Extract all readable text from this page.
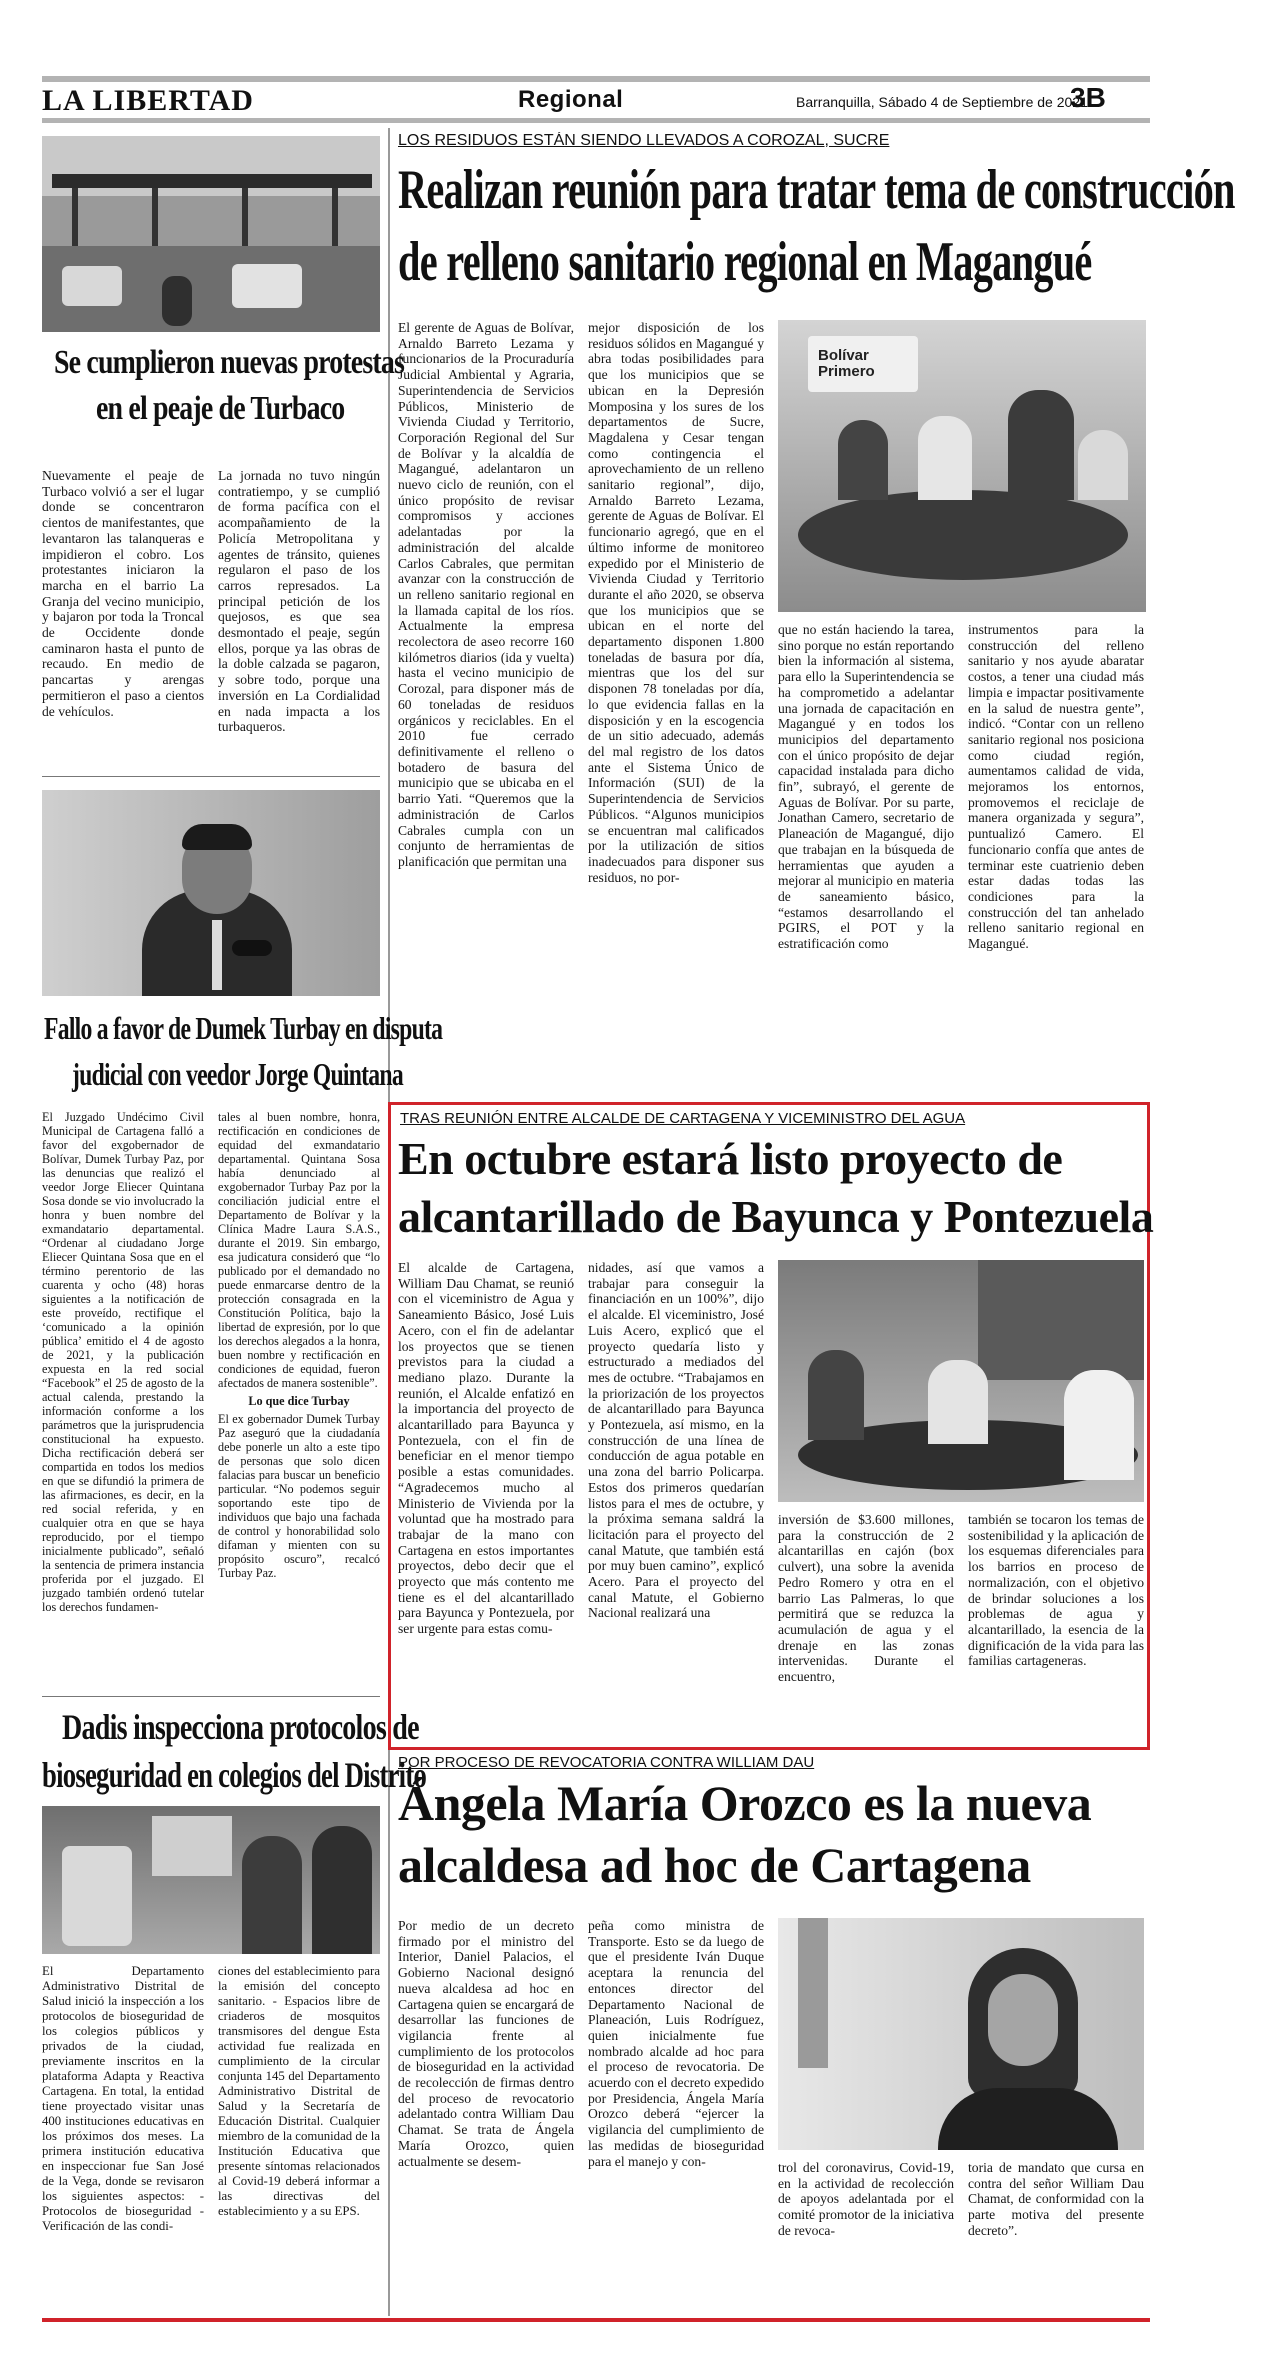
LA LIBERTAD	Regional	Barranquilla, Sábado 4 de Septiembre de 2021
3B
Se cumplieron nuevas protestas
en el peaje de Turbaco
Nuevamente el peaje de Turbaco volvió a ser el lugar donde se concentraron cientos de manifestantes, que levantaron las talanqueras e impidieron el cobro. Los protestantes iniciaron la marcha en el barrio La Granja del vecino municipio, y bajaron por toda la Troncal de Occidente donde caminaron hasta el punto de recaudo. En medio de pancartas y arengas permitieron el paso a cientos de vehículos.
La jornada no tuvo ningún contratiempo, y se cumplió de forma pacífica con el acompañamiento de la Policía Metropolitana y agentes de tránsito, quienes regularon el paso de los carros represados. La principal petición de los quejosos, es que sea desmontado el peaje, según ellos, porque ya las obras de la doble calzada se pagaron, y sobre todo, porque una inversión en La Cordialidad en nada impacta a los turbaqueros.
Fallo a favor de Dumek Turbay en disputa
judicial con veedor Jorge Quintana
El Juzgado Undécimo Civil Municipal de Cartagena falló a favor del exgobernador de Bolívar, Dumek Turbay Paz, por las denuncias que realizó el veedor Jorge Eliecer Quintana Sosa donde se vio involucrado la honra y buen nombre del exmandatario departamental. “Ordenar al ciudadano Jorge Eliecer Quintana Sosa que en el término perentorio de las cuarenta y ocho (48) horas siguientes a la notificación de este proveído, rectifique el ‘comunicado a la opinión pública’ emitido el 4 de agosto de 2021, y la publicación expuesta en la red social “Facebook” el 25 de agosto de la actual calenda, prestando la información conforme a los parámetros que la jurisprudencia constitucional ha expuesto. Dicha rectificación deberá ser compartida en todos los medios en que se difundió la primera de las afirmaciones, es decir, en la red social referida, y en cualquier otra en que se haya reproducido, por el tiempo inicialmente publicado”, señaló la sentencia de primera instancia proferida por el juzgado. El juzgado también ordenó tutelar los derechos fundamen-

tales al buen nombre, honra, rectificación en condiciones de equidad del exmandatario departamental. Quintana Sosa había denunciado al exgobernador Turbay Paz por la conciliación judicial entre el Departamento de Bolívar y la Clínica Madre Laura S.A.S., durante el 2019. Sin embargo, esa judicatura consideró que “lo publicado por el demandado no puede enmarcarse dentro de la protección consagrada en la Constitución Política, bajo la libertad de expresión, por lo que los derechos alegados a la honra, buen nombre y rectificación en condiciones de equidad, fueron afectados de manera sostenible”.

Lo que dice Turbay

El ex gobernador Dumek Turbay Paz aseguró que la ciudadanía debe ponerle un alto a este tipo de personas que solo dicen falacias para buscar un beneficio particular. “No podemos seguir soportando este tipo de individuos que bajo una fachada de control y honorabilidad solo difaman y mienten con su propósito oscuro”, recalcó Turbay Paz.

Dadis inspecciona protocolos de
bioseguridad en colegios del Distrito
El Departamento Administrativo Distrital de Salud inició la inspección a los protocolos de bioseguridad de los colegios públicos y privados de la ciudad, previamente inscritos en la plataforma Adapta y Reactiva Cartagena. En total, la entidad tiene proyectado visitar unas 400 instituciones educativas en los próximos dos meses. La primera institución educativa en inspeccionar fue San José de la Vega, donde se revisaron los siguientes aspectos: - Protocolos de bioseguridad - Verificación de las condi-
ciones del establecimiento para la emisión del concepto sanitario. - Espacios libre de criaderos de mosquitos transmisores del dengue Esta actividad fue realizada en cumplimiento de la circular conjunta 145 del Departamento Administrativo Distrital de Salud y la Secretaría de Educación Distrital. Cualquier miembro de la comunidad de la Institución Educativa que presente síntomas relacionados al Covid-19 deberá informar a las directivas del establecimiento y a su EPS.
LOS RESIDUOS ESTÁN SIENDO LLEVADOS A COROZAL, SUCRE
Realizan reunión para tratar tema de construcción
de relleno sanitario regional en Magangué
El gerente de Aguas de Bolívar, Arnaldo Barreto Lezama y funcionarios de la Procuraduría Judicial Ambiental y Agraria, Superintendencia de Servicios Públicos, Ministerio de Vivienda Ciudad y Territorio, Corporación Regional del Sur de Bolívar y la alcaldía de Magangué, adelantaron un nuevo ciclo de reunión, con el único propósito de revisar compromisos y acciones adelantadas por la administración del alcalde Carlos Cabrales, que permitan avanzar con la construcción de un relleno sanitario regional en la llamada capital de los ríos. Actualmente la empresa recolectora de aseo recorre 160 kilómetros diarios (ida y vuelta) hasta el vecino municipio de Corozal, para disponer más de 60 toneladas de residuos orgánicos y reciclables. En el 2010 fue cerrado definitivamente el relleno o botadero de basura del municipio que se ubicaba en el barrio Yati. “Queremos que la administración de Carlos Cabrales cumpla con un conjunto de herramientas de planificación que permitan una
mejor disposición de los residuos sólidos en Magangué y abra todas posibilidades para que los municipios que se ubican en la Depresión Momposina y los sures de los departamentos de Sucre, Magdalena y Cesar tengan como contingencia el aprovechamiento de un relleno sanitario regional”, dijo, Arnaldo Barreto Lezama, gerente de Aguas de Bolívar. El funcionario agregó, que en el último informe de monitoreo expedido por el Ministerio de Vivienda Ciudad y Territorio durante el año 2020, se observa que los municipios que se ubican en el norte del departamento disponen 1.800 toneladas de basura por día, mientras que los del sur disponen 78 toneladas por día, lo que evidencia fallas en la disposición y en la escogencia de un sitio adecuado, además del mal registro de los datos ante el Sistema Único de Información (SUI) de la Superintendencia de Servicios Públicos. “Algunos municipios se encuentran mal calificados por la utilización de sitios inadecuados para disponer sus residuos, no por-
Bolívar Primero
que no están haciendo la tarea, sino porque no están reportando bien la información al sistema, para ello la Superintendencia se ha comprometido a adelantar una jornada de capacitación en Magangué y en todos los municipios del departamento con el único propósito de dejar capacidad instalada para dicho fin”, subrayó, el gerente de Aguas de Bolívar. Por su parte, Jonathan Camero, secretario de Planeación de Magangué, dijo que trabajan en la búsqueda de herramientas que ayuden a mejorar al municipio en materia de saneamiento básico, “estamos desarrollando el PGIRS, el POT y la estratificación como
instrumentos para la construcción del relleno sanitario y nos ayude abaratar costos, a tener una ciudad más limpia e impactar positivamente en la salud de nuestra gente”, indicó. “Contar con un relleno sanitario regional nos posiciona como ciudad región, aumentamos calidad de vida, mejoramos los entornos, promovemos el reciclaje de manera organizada y segura”, puntualizó Camero. El funcionario confía que antes de terminar este cuatrienio deben estar dadas todas las condiciones para la construcción del tan anhelado relleno sanitario regional en Magangué.
TRAS REUNIÓN ENTRE ALCALDE DE CARTAGENA Y VICEMINISTRO DEL AGUA
En octubre estará listo proyecto de
alcantarillado de Bayunca y Pontezuela
El alcalde de Cartagena, William Dau Chamat, se reunió con el viceministro de Agua y Saneamiento Básico, José Luis Acero, con el fin de adelantar los proyectos que se tienen previstos para la ciudad a mediano plazo. Durante la reunión, el Alcalde enfatizó en la importancia del proyecto de alcantarillado para Bayunca y Pontezuela, con el fin de beneficiar en el menor tiempo posible a estas comunidades. “Agradecemos mucho al Ministerio de Vivienda por la voluntad que ha mostrado para trabajar de la mano con Cartagena en estos importantes proyectos, debo decir que el proyecto que más contento me tiene es el del alcantarillado para Bayunca y Pontezuela, por ser urgente para estas comu-
nidades, así que vamos a trabajar para conseguir la financiación en un 100%”, dijo el alcalde. El viceministro, José Luis Acero, explicó que el proyecto quedaría listo y estructurado a mediados del mes de octubre. “Trabajamos en la priorización de los proyectos de alcantarillado para Bayunca y Pontezuela, así mismo, en la construcción de una línea de conducción de agua potable en una zona del barrio Policarpa. Estos dos primeros quedarían listos para el mes de octubre, y la próxima semana saldrá la licitación para el proyecto del canal Matute, que también está por muy buen camino”, explicó Acero. Para el proyecto del canal Matute, el Gobierno Nacional realizará una
inversión de $3.600 millones, para la construcción de 2 alcantarillas en cajón (box culvert), una sobre la avenida Pedro Romero y otra en el barrio Las Palmeras, lo que permitirá que se reduzca la acumulación de agua y el drenaje en las zonas intervenidas. Durante el encuentro,
también se tocaron los temas de sostenibilidad y la aplicación de los esquemas diferenciales para los barrios en proceso de normalización, con el objetivo de brindar soluciones a los problemas de agua y alcantarillado, la esencia de la dignificación de la vida para las familias cartageneras.
POR PROCESO DE REVOCATORIA CONTRA WILLIAM DAU
Ángela María Orozco es la nueva
alcaldesa ad hoc de Cartagena
Por medio de un decreto firmado por el ministro del Interior, Daniel Palacios, el Gobierno Nacional designó nueva alcaldesa ad hoc en Cartagena quien se encargará de desarrollar las funciones de vigilancia frente al cumplimiento de los protocolos de bioseguridad en la actividad de recolección de firmas dentro del proceso de revocatorio adelantado contra William Dau Chamat. Se trata de Ángela María Orozco, quien actualmente se desem-
peña como ministra de Transporte. Esto se da luego de que el presidente Iván Duque aceptara la renuncia del entonces director del Departamento Nacional de Planeación, Luis Rodríguez, quien inicialmente fue nombrado alcalde ad hoc para el proceso de revocatoria. De acuerdo con el decreto expedido por Presidencia, Ángela María Orozco deberá “ejercer la vigilancia del cumplimiento de las medidas de bioseguridad para el manejo y con-	trol del coronavirus, Covid-19, en la actividad de recolección de apoyos adelantada por el comité promotor de la iniciativa de revoca-
toria de mandato que cursa en contra del señor William Dau Chamat, de conformidad con la parte motiva del presente decreto”.
